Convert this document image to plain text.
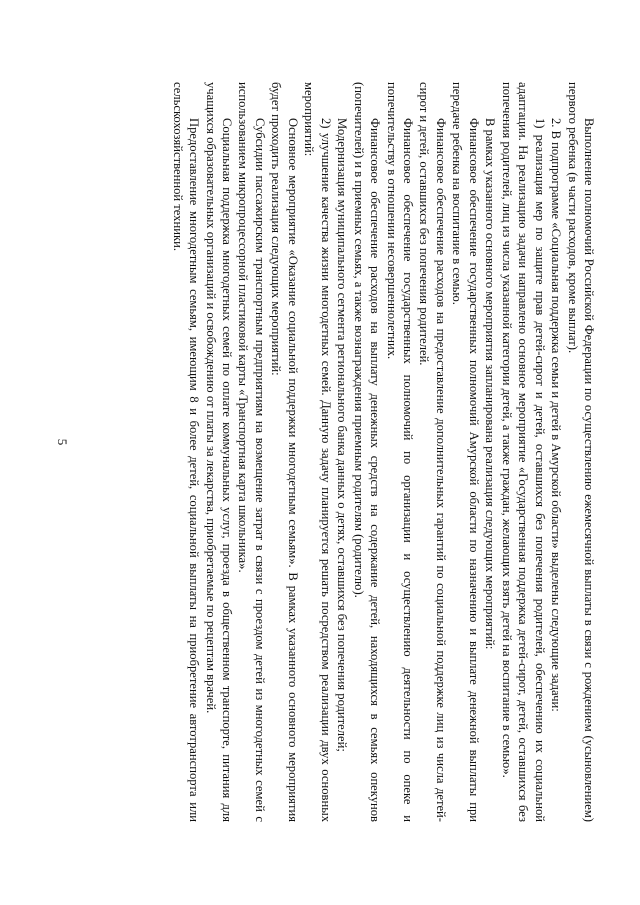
5	Выполнение полномочий Российской Федерации по осуществлению ежемесячной выплаты в связи с рождением (усыновлением) первого ребенка (в части расходов, кроме выплат).

2. В подпрограмме «Социальная поддержка семьи и детей в Амурской области» выделены следующие задачи:

1) реализация мер по защите прав детей-сирот и детей, оставшихся без попечения родителей, обеспечению их социальной адаптации. На реализацию задачи направлено основное мероприятие «Государственная поддержка детей-сирот, детей, оставшихся без попечения родителей, лиц из числа указанной категории детей, а также граждан, желающих взять детей на воспитание в семью».

В рамках указанного основного мероприятия запланирована реализация следующих мероприятий:

Финансовое обеспечение государственных полномочий Амурской области по назначению и выплате денежной выплаты при передаче ребенка на воспитание в семью.

Финансовое обеспечение расходов на предоставление дополнительных гарантий по социальной поддержке лиц из числа детей-сирот и детей, оставшихся без попечения родителей.

Финансовое обеспечение государственных полномочий по организации и осуществлению деятельности по опеке и попечительству в отношении несовершеннолетних.

Финансовое обеспечение расходов на выплату денежных средств на содержание детей, находящихся в семьях опекунов (попечителей) и в приемных семьях, а также вознаграждения приемным родителям (родителю).

Модернизация муниципального сегмента регионального банка данных о детях, оставшихся без попечения родителей;

2) улучшение качества жизни многодетных семей. Данную задачу планируется решать посредством реализации двух основных мероприятий:

Основное мероприятие «Оказание социальной поддержки многодетным семьям». В рамках указанного основного мероприятия будет проходить реализация следующих мероприятий:

Субсидии пассажирским транспортным предприятиям на возмещение затрат в связи с проездом детей из многодетных семей с использованием микропроцессорной пластиковой карты «Транспортная карта школьника».

Социальная поддержка многодетных семей по оплате коммунальных услуг, проезда в общественном транспорте, питания для учащихся образовательных организаций и освобождению от платы за лекарства, приобретаемые по рецептам врачей.

Предоставление многодетным семьям, имеющим 8 и более детей, социальной выплаты на приобретение автотранспорта или сельскохозяйственной техники.
